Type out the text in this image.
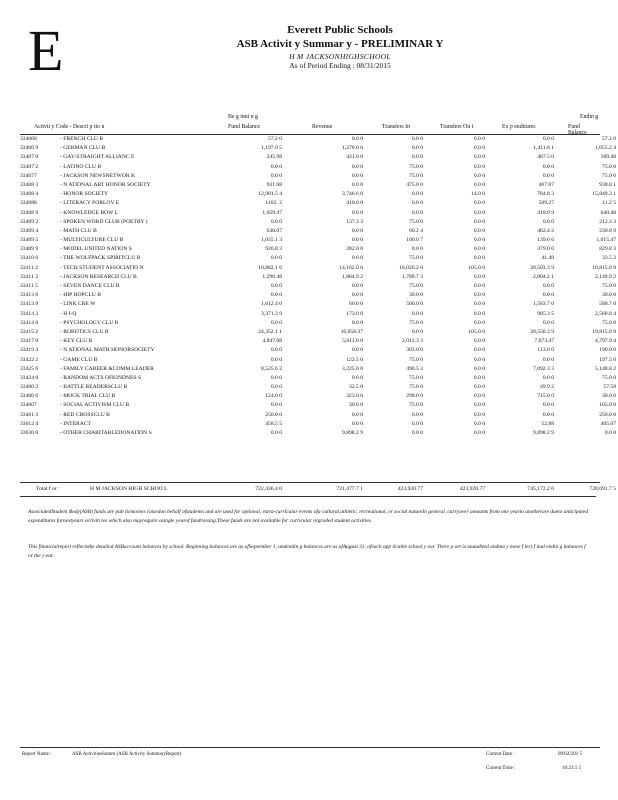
E	Everett Public Schools
ASB Activit y Summar y - PRELIMINAR Y
H M JACKSONHIGHSCHOOL
As of Period Ending : 08/31/2015
Activit y Code - Descri p tio n
Be g inni n g
Fund Balance	Revenue	Transfers In	Transfers Ou t	Ex p enditures
Endin g
Fund Balance
334068	- FRENCH CLU B	57.2 0	0.0 0	0.0 0	0.0 0	0.0 0	57.2 0
33406 9	- GERMAN CLU B	1,197.0 5	1,270.0 0	0.0 0	0.0 0	1,411.8 1	1,055.2 4
33407 0	- GAY/STRAIGHT ALLIANC E	245.98	431.0 0	0.0 0	0.0 0	487.5 0	189.48
33407 2	- LATINO CLU B	0.0 0	0.0 0	75.0 0	0.0 0	0.0 0	75.0 0
334077	- JACKSON NEWSNETWOR K	0.0 0	0.0 0	75.0 0	0.0 0	0.0 0	75.0 0
33408 3	- N ATIONAL ART HONOR SOCIETY	931.68	0.0 0	475.0 0	0.0 0	467.87	938.8 1
33408 4	- HONOR SOCIETY	12,901.5 4	3,746.6 0	0.0 0	14.0 0	784.8 3	15,849.3 1
334088	- LITERACY FORLOV E	1102. 2	410.0 0	0.0 0	0.0 0	509.27	11.2 5
33408 9	- KNOWLEDGE BOW L	1,059.47	0.0 0	0.0 0	0.0 0	418.9 9	640.48
33409 2	- SPOKEN WORD CLUB (POETRY )	0.0 0	137.3 3	75.0 0	0.0 0	0.0 0	212.3 3
33409 4	- MATH CLU B	636.07	0.0 0	60.2 4	0.0 0	462.4 2	230.8 9
33409 5	- MULTICULTURE CLU B	1,055.1 3	0.0 0	100.0 7	0.0 0	139.6 6	1,015.47
33409 9	- MODEL UNITED NATION S	926.8 3	282.0 0	0.0 0	0.0 0	379.0 0	829.8 3
33410 6	- THE WOLFPACK SPIRITCLU B	0.0 0	0.0 0	75.0 0	0.0 0	41.48	33.5 2
33411 2	- TECH STUDENT ASSOCIATIO N	10,882.1 6	14,162.0 0	16,026.2 0	105.0 0	20,503.3 9	10,815.0 9
33411 3	- JACKSON RESEARCH CLU B	1,290.48	1,864.9 2	1,789.7 3	0.0 0	2,804.2 1	2,140.9 2
33411 5	- SEVEN DANCE CLU B	0.0 0	0.0 0	75.0 0	0.0 0	0.0 0	75.0 0
33413 6	- HIP HOPCLU B	0.0 0	0.0 0	30.0 0	0.0 0	0.0 0	30.0 0
33413 9	- LINK CRE W	1,612.4 0	60.0 0	500.0 0	0.0 0	1,583.7 0	588.7 0
33414 3	- H I-Q	3,371.3 9	173.0 0	0.0 0	0.0 0	985.3 5	2,560.8 4
33414 6	- PSYCHOLOGY CLU B	0.0 0	0.0 0	75.0 0	0.0 0	0.0 0	75.0 0
33415 2	- ROBOTICS CLU B	24,352.1 1	16,058.37	0.0 0	105.0 0	20,550.3 9	19,815.0 9
33417 0	- KEY CLU B	4,847.08	5,611.0 0	2,013.3 3	0.0 0	7,673.47	4,797.9 4
33419 4	- N ATIONAL MATH HONORSOCIETY	0.0 0	0.0 0	303.0 0	0.0 0	113.0 0	190.0 0
33422 2	- GAME CLU B	0.0 0	122.5 0	75.0 0	0.0 0	0.0 0	197.5 0
33425 0	- FAMILY CAREER &COMM LEADER	8,525.6 2	3,225.0 0	490.5 3	0.0 0	7,092.3 3	5,148.8 2
33424 0	- RANDOM ACTS OFKINDNES S	0.0 0	0.0 0	75.0 0	0.0 0	0.0 0	75.0 0
33460 2	- BATTLE READERSCLU B	0.0 0	32.5 0	75.0 0	0.0 0	49.9 2	57.58
33460 6	- MOCK TRIAL CLU B	124.0 0	323.0 0	298.0 0	0.0 0	715.0 0	30.0 0
334607	- SOCIAL ACTIVISM CLU B	0.0 0	30.0 0	75.0 0	0.0 0	0.0 0	105.0 0
33461 3	- RED CROSSCLU B	250.0 0	0.0 0	0.0 0	0.0 0	0.0 0	250.0 0
33612 4	- INTERACT	458.5 5	0.0 0	0.0 0	0.0 0	52.88	405.67
33630 0	- OTHER CHARITABLEDONATION S	0.0 0	9,898.2 9	0.0 0	0.0 0	9,898.2 9	0.0 0
Total f or :	H M JACKSON HIGH SCHOO L	722,436.4 0	721,477.7 1	423,920.77	423,920.77	745,172.2 6	728,691.7 5
AssociatedStudent Body(ASB) funds are pub licmonies raisedon behalf ofstudents and are used for optional, extra-curricular events ofa cultural,athletic, recreational, or social natureIn general, carryover amounts from one yearto anotherare dueto anticipated expenditures fornextyears activiti tes which also mayrequire asingle yearof fundraising.These funds are not available for curricular orgraded student activities.
This financialreport reflectsthe detailed ASBaccount balances by school. Beginning balances are as ofSeptember 1, andendin g balances are as ofAugust 31, ofeach app licable school y ear. There p ort is unaudited andma y none f lect f inal endin g balances f or the y ear.
Report Name :	ASB ActivitiesSumm (ASB Activity SummaryReport)	Current Date :	09/02/201 5
Current Time :	16:23:1 5
